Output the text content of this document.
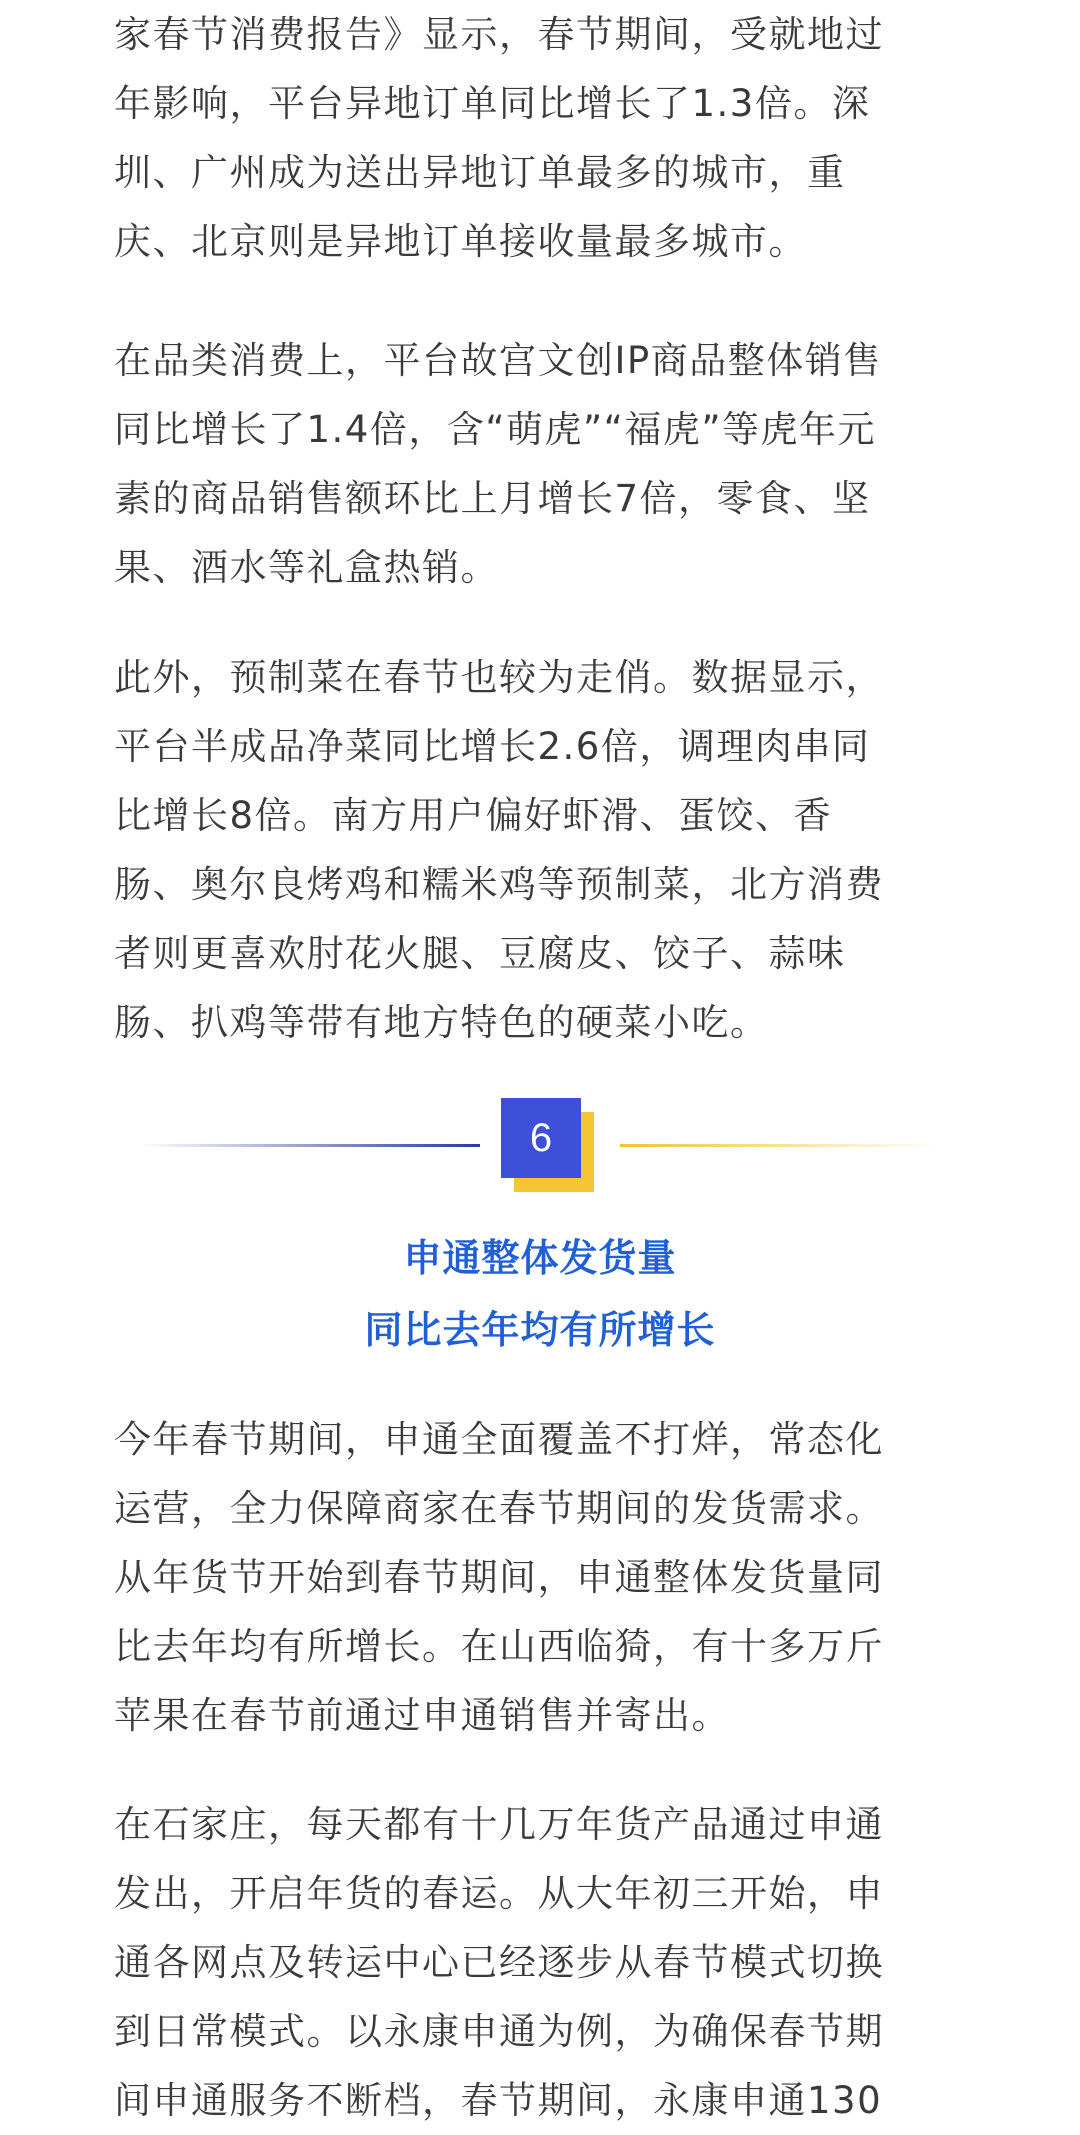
家春节消费报告》显示，春节期间，受就地过
年影响，平台异地订单同比增长了1.3倍。深
圳、广州成为送出异地订单最多的城市，重
庆、北京则是异地订单接收量最多城市。

在品类消费上，平台故宫文创IP商品整体销售
同比增长了1.4倍，含“萌虎”“福虎”等虎年元
素的商品销售额环比上月增长7倍，零食、坚
果、酒水等礼盒热销。

此外，预制菜在春节也较为走俏。数据显示，
平台半成品净菜同比增长2.6倍，调理肉串同
比增长8倍。南方用户偏好虾滑、蛋饺、香
肠、奥尔良烤鸡和糯米鸡等预制菜，北方消费
者则更喜欢肘花火腿、豆腐皮、饺子、蒜味
肠、扒鸡等带有地方特色的硬菜小吃。

今年春节期间，申通全面覆盖不打烊，常态化
运营，全力保障商家在春节期间的发货需求。
从年货节开始到春节期间，申通整体发货量同
比去年均有所增长。在山西临猗，有十多万斤
苹果在春节前通过申通销售并寄出。

在石家庄，每天都有十几万年货产品通过申通
发出，开启年货的春运。从大年初三开始，申
通各网点及转运中心已经逐步从春节模式切换
到日常模式。以永康申通为例，为确保春节期
间申通服务不断档，春节期间，永康申通130

6
申通整体发货量
同比去年均有所增长
